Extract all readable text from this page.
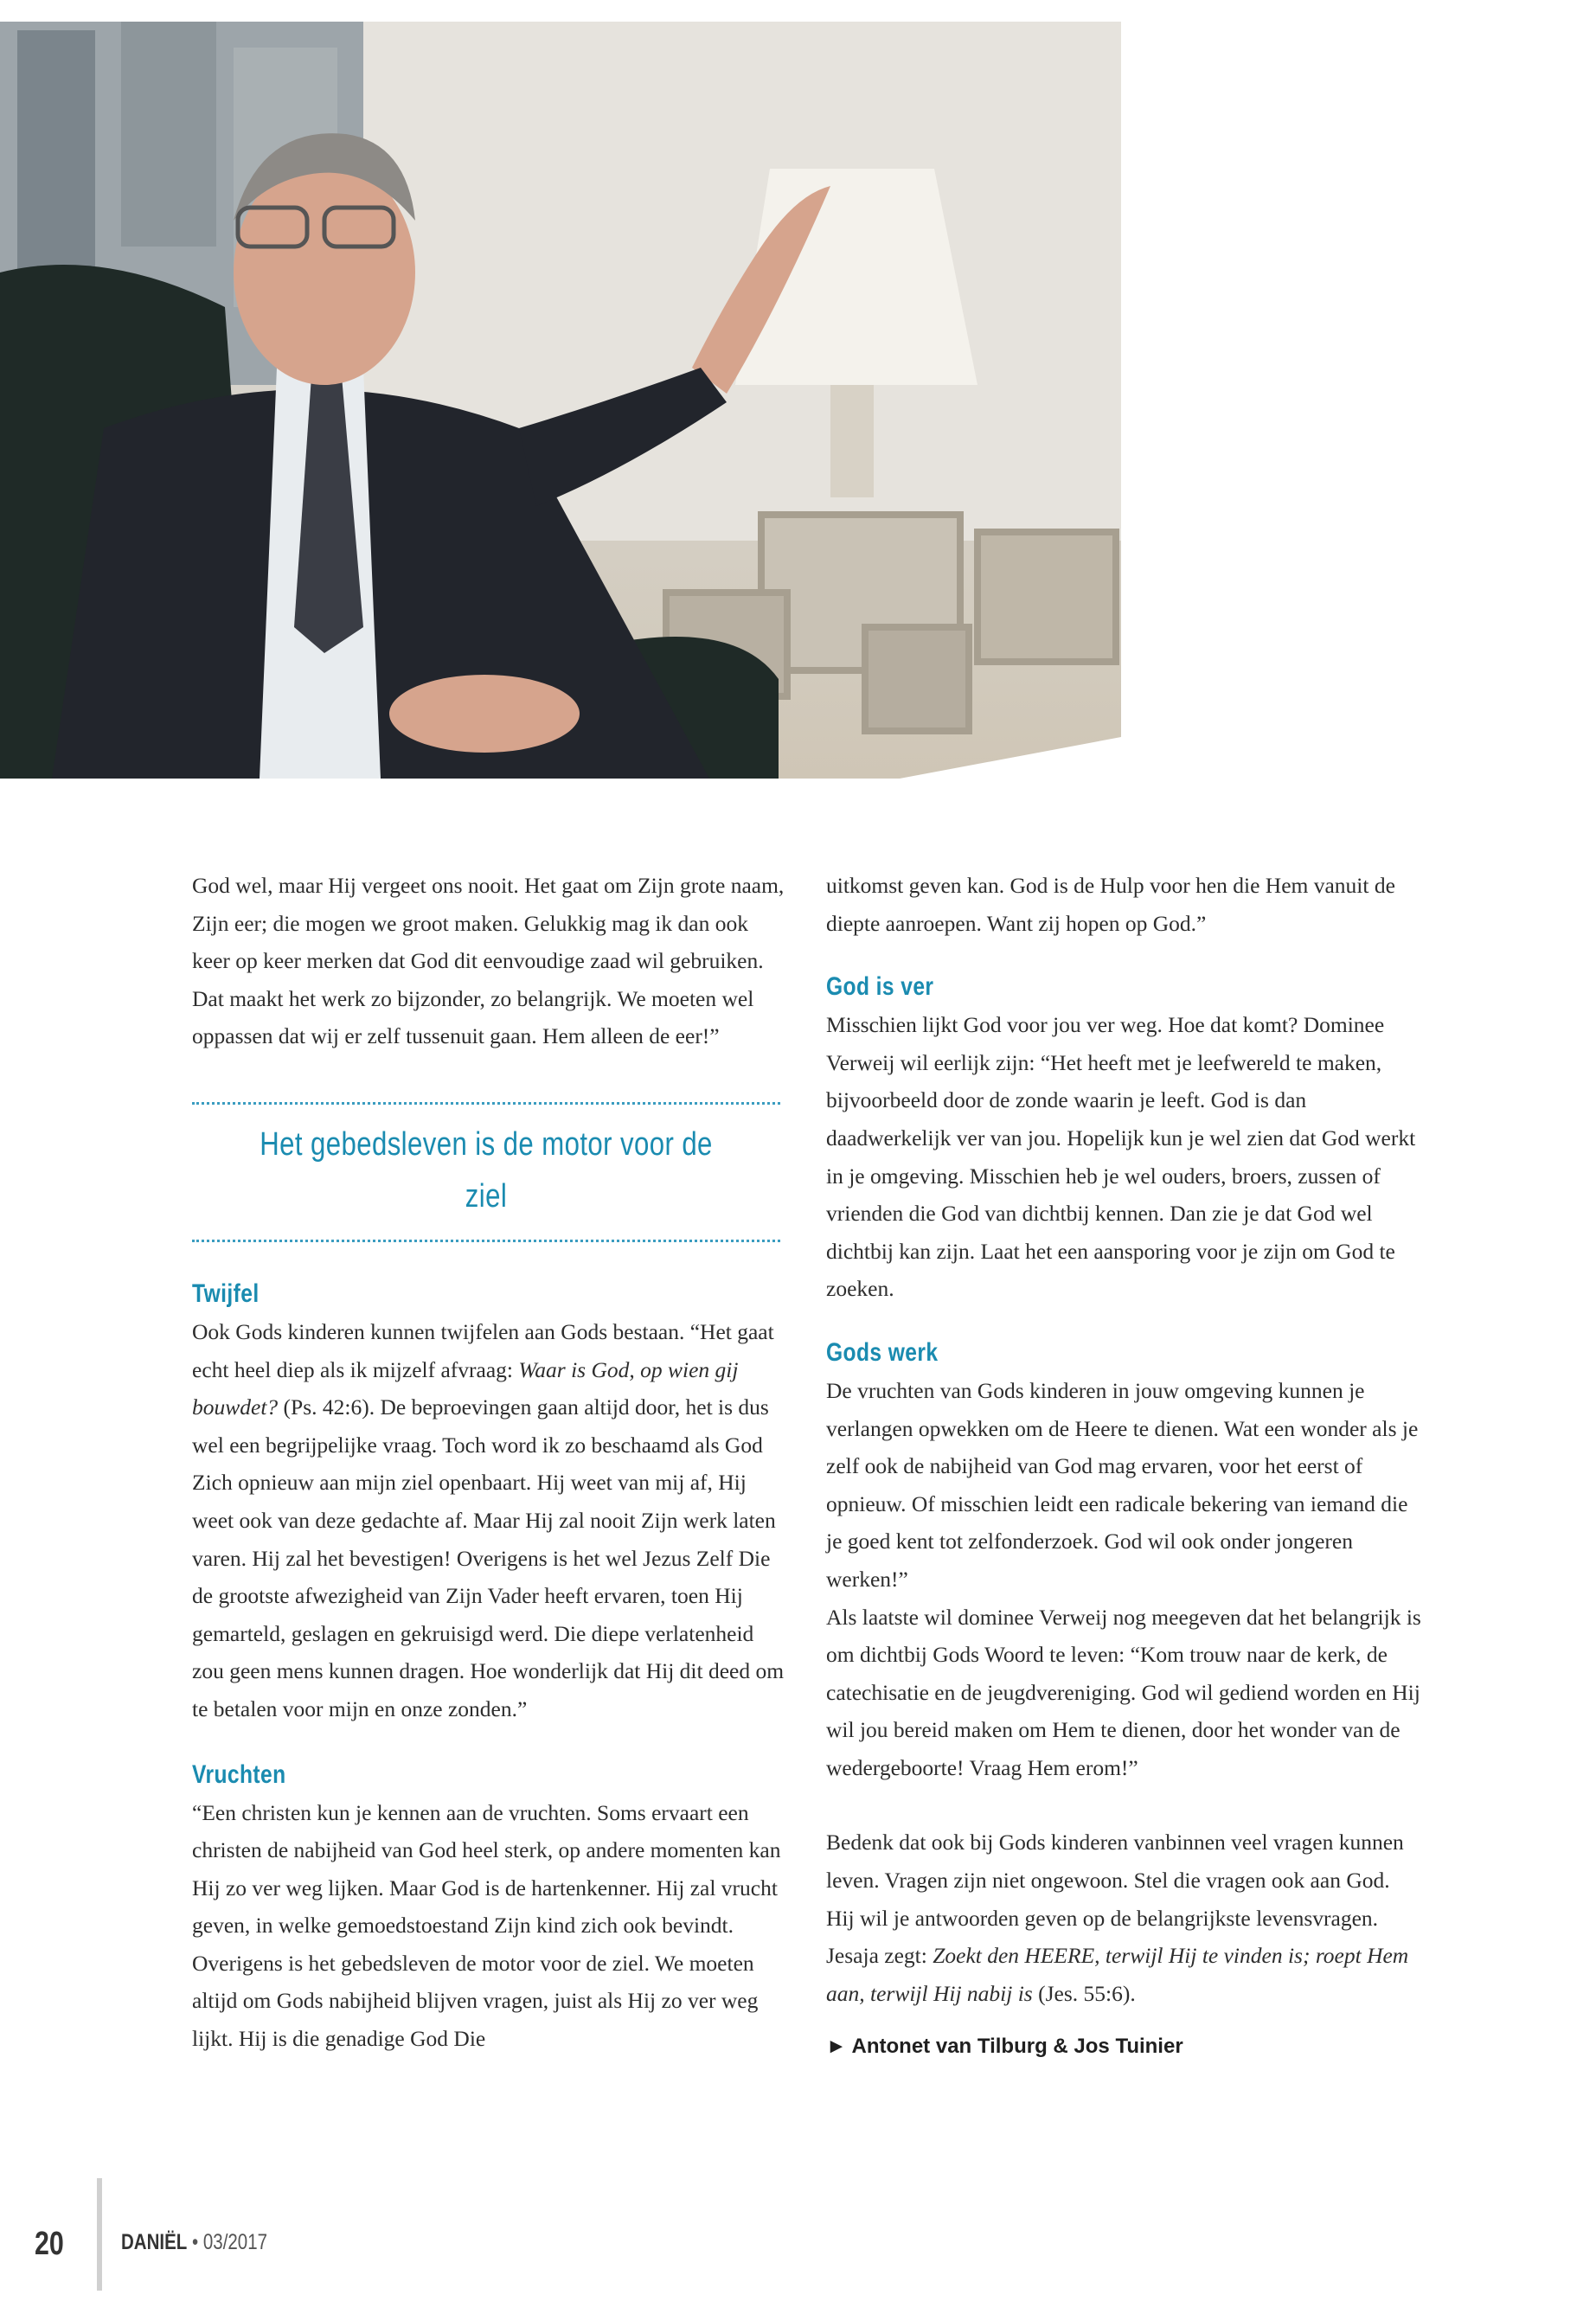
God wel, maar Hij vergeet ons nooit. Het gaat om Zijn grote naam, Zijn eer; die mogen we groot maken. Gelukkig mag ik dan ook keer op keer merken dat God dit eenvoudige zaad wil gebruiken. Dat maakt het werk zo bijzonder, zo belangrijk. We moeten wel oppassen dat wij er zelf tussenuit gaan. Hem alleen de eer!”

Het gebedsleven is de motor voor de ziel
Twijfel

Ook Gods kinderen kunnen twijfelen aan Gods bestaan. “Het gaat echt heel diep als ik mijzelf afvraag: Waar is God, op wien gij bouwdet? (Ps. 42:6). De beproevingen gaan altijd door, het is dus wel een begrijpelijke vraag. Toch word ik zo beschaamd als God Zich opnieuw aan mijn ziel openbaart. Hij weet van mij af, Hij weet ook van deze gedachte af. Maar Hij zal nooit Zijn werk laten varen. Hij zal het bevestigen! Overigens is het wel Jezus Zelf Die de grootste afwezigheid van Zijn Vader heeft ervaren, toen Hij gemarteld, geslagen en gekruisigd werd. Die diepe verlatenheid zou geen mens kunnen dragen. Hoe wonderlijk dat Hij dit deed om te betalen voor mijn en onze zonden.”

Vruchten

“Een christen kun je kennen aan de vruchten. Soms ervaart een christen de nabijheid van God heel sterk, op andere momenten kan Hij zo ver weg lijken. Maar God is de hartenkenner. Hij zal vrucht geven, in welke gemoedstoestand Zijn kind zich ook bevindt. Overigens is het gebedsleven de motor voor de ziel. We moeten altijd om Gods nabijheid blijven vragen, juist als Hij zo ver weg lijkt. Hij is die genadige God Die

uitkomst geven kan. God is de Hulp voor hen die Hem vanuit de diepte aanroepen. Want zij hopen op God.”

God is ver

Misschien lijkt God voor jou ver weg. Hoe dat komt? Dominee Verweij wil eerlijk zijn: “Het heeft met je leefwereld te maken, bijvoorbeeld door de zonde waarin je leeft. God is dan daadwerkelijk ver van jou. Hopelijk kun je wel zien dat God werkt in je omgeving. Misschien heb je wel ouders, broers, zussen of vrienden die God van dichtbij kennen. Dan zie je dat God wel dichtbij kan zijn. Laat het een aansporing voor je zijn om God te zoeken.

Gods werk

De vruchten van Gods kinderen in jouw omgeving kunnen je verlangen opwekken om de Heere te dienen. Wat een wonder als je zelf ook de nabijheid van God mag ervaren, voor het eerst of opnieuw. Of misschien leidt een radicale bekering van iemand die je goed kent tot zelfonderzoek. God wil ook onder jongeren werken!”

Als laatste wil dominee Verweij nog meegeven dat het belangrijk is om dichtbij Gods Woord te leven: “Kom trouw naar de kerk, de catechisatie en de jeugdvereniging. God wil gediend worden en Hij wil jou bereid maken om Hem te dienen, door het wonder van de wedergeboorte! Vraag Hem erom!”

Bedenk dat ook bij Gods kinderen vanbinnen veel vragen kunnen leven. Vragen zijn niet ongewoon. Stel die vragen ook aan God. Hij wil je antwoorden geven op de belangrijkste levensvragen. Jesaja zegt: Zoekt den HEERE, terwijl Hij te vinden is; roept Hem aan, terwijl Hij nabij is (Jes. 55:6).

► Antonet van Tilburg & Jos Tuinier
20	DANIËL • 03/2017
